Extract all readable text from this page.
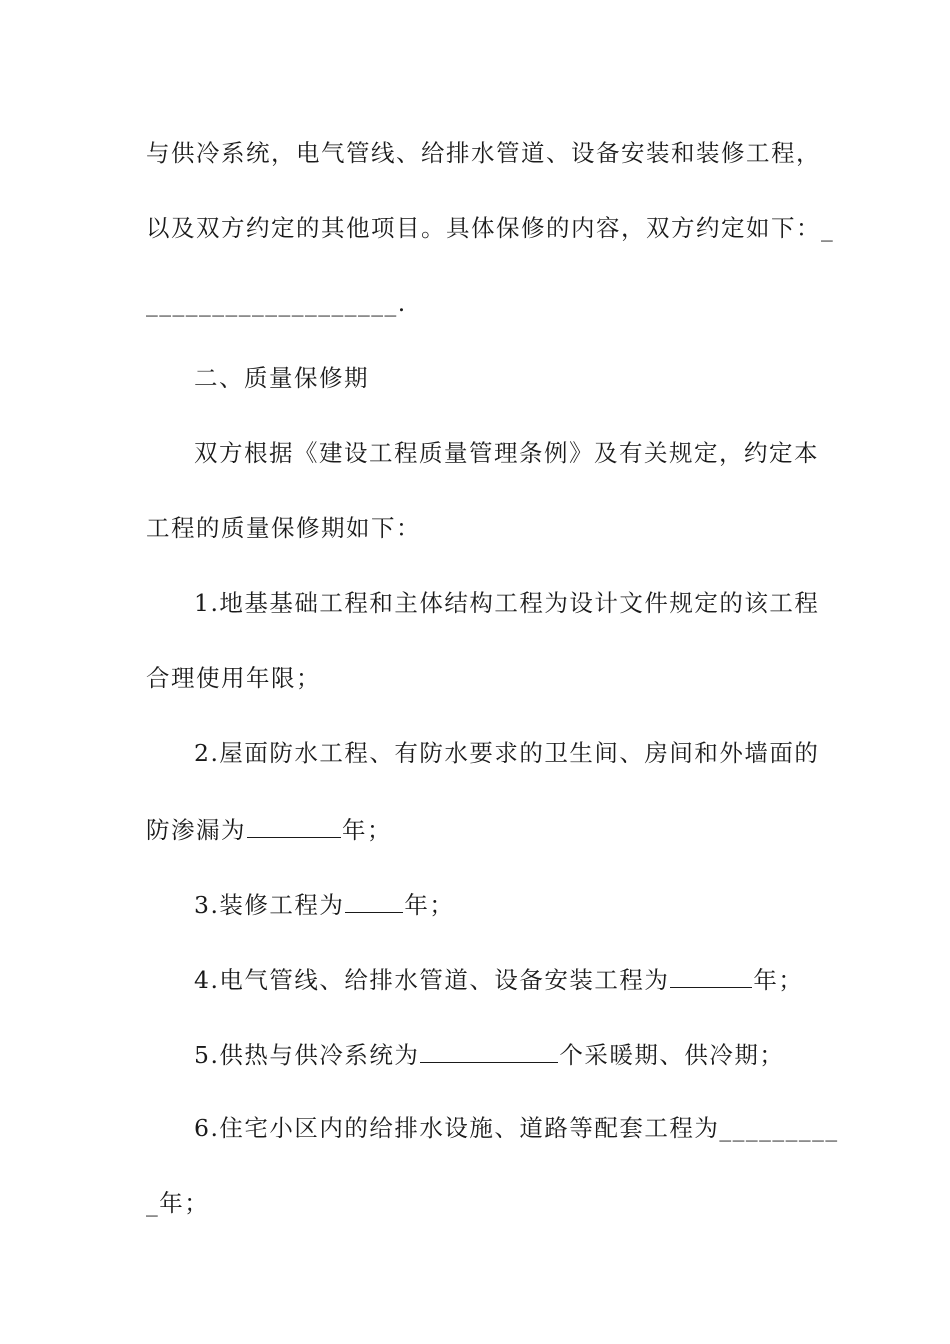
与供冷系统，电气管线、给排水管道、设备安装和装修工程，
以及双方约定的其他项目。具体保修的内容，双方约定如下：_
___________________.
二、质量保修期
双方根据《建设工程质量管理条例》及有关规定，约定本
工程的质量保修期如下：
1.地基基础工程和主体结构工程为设计文件规定的该工程
合理使用年限；
2.屋面防水工程、有防水要求的卫生间、房间和外墙面的
防渗漏为	年；
3.装修工程为	年；
4.电气管线、给排水管道、设备安装工程为	年；
5.供热与供冷系统为	个采暖期、供冷期；
6.住宅小区内的给排水设施、道路等配套工程为_________
_年；
